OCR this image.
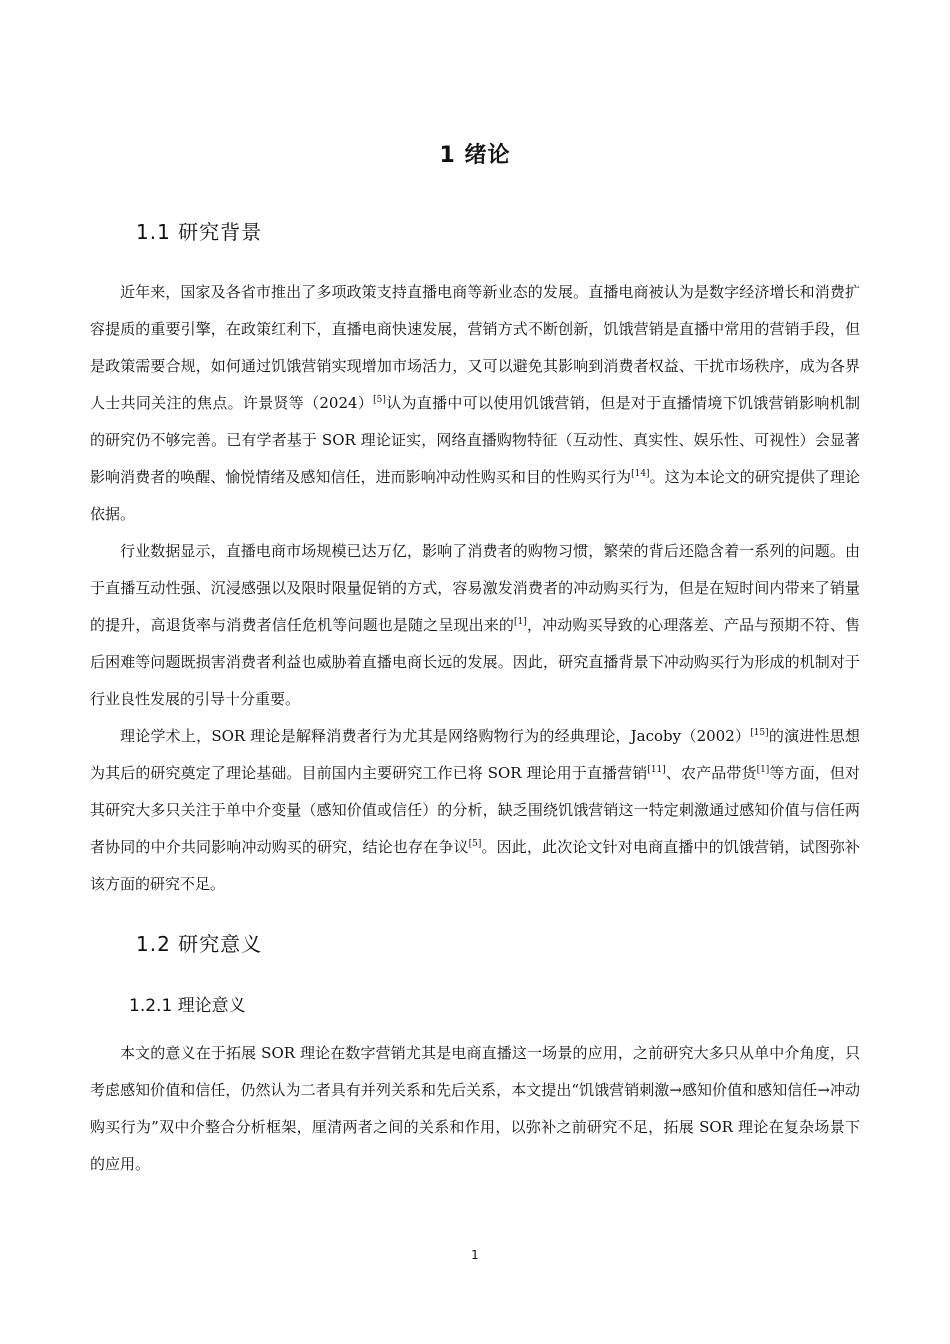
1 绪论
1.1 研究背景

近年来，国家及各省市推出了多项政策支持直播电商等新业态的发展。直播电商被认为是数字经济增长和消费扩容提质的重要引擎，在政策红利下，直播电商快速发展，营销方式不断创新，饥饿营销是直播中常用的营销手段，但是政策需要合规，如何通过饥饿营销实现增加市场活力，又可以避免其影响到消费者权益、干扰市场秩序，成为各界人士共同关注的焦点。许景贤等（2024）[5]认为直播中可以使用饥饿营销，但是对于直播情境下饥饿营销影响机制的研究仍不够完善。已有学者基于 SOR 理论证实，网络直播购物特征（互动性、真实性、娱乐性、可视性）会显著影响消费者的唤醒、愉悦情绪及感知信任，进而影响冲动性购买和目的性购买行为[14]。这为本论文的研究提供了理论依据。

行业数据显示，直播电商市场规模已达万亿，影响了消费者的购物习惯，繁荣的背后还隐含着一系列的问题。由于直播互动性强、沉浸感强以及限时限量促销的方式，容易激发消费者的冲动购买行为，但是在短时间内带来了销量的提升，高退货率与消费者信任危机等问题也是随之呈现出来的[1]，冲动购买导致的心理落差、产品与预期不符、售后困难等问题既损害消费者利益也威胁着直播电商长远的发展。因此，研究直播背景下冲动购买行为形成的机制对于行业良性发展的引导十分重要。

理论学术上，SOR 理论是解释消费者行为尤其是网络购物行为的经典理论，Jacoby（2002）[15]的演进性思想为其后的研究奠定了理论基础。目前国内主要研究工作已将 SOR 理论用于直播营销[11]、农产品带货[1]等方面，但对其研究大多只关注于单中介变量（感知价值或信任）的分析，缺乏围绕饥饿营销这一特定刺激通过感知价值与信任两者协同的中介共同影响冲动购买的研究，结论也存在争议[5]。因此，此次论文针对电商直播中的饥饿营销，试图弥补该方面的研究不足。

1.2 研究意义
1.2.1 理论意义

本文的意义在于拓展 SOR 理论在数字营销尤其是电商直播这一场景的应用，之前研究大多只从单中介角度，只考虑感知价值和信任，仍然认为二者具有并列关系和先后关系，本文提出“饥饿营销刺激→感知价值和感知信任→冲动购买行为”双中介整合分析框架，厘清两者之间的关系和作用，以弥补之前研究不足，拓展 SOR 理论在复杂场景下的应用。

1
